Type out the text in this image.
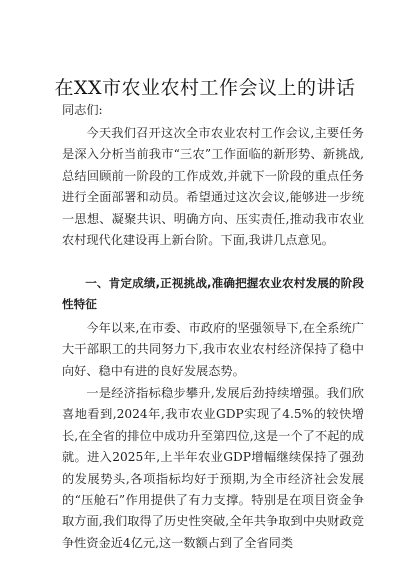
在XX市农业农村工作会议上的讲话

同志们:

今天我们召开这次全市农业农村工作会议,主要任务是深入分析当前我市“三农”工作面临的新形势、新挑战,总结回顾前一阶段的工作成效,并就下一阶段的重点任务进行全面部署和动员。希望通过这次会议,能够进一步统一思想、凝聚共识、明确方向、压实责任,推动我市农业农村现代化建设再上新台阶。下面,我讲几点意见。

一、肯定成绩,正视挑战,准确把握农业农村发展的阶段性特征

今年以来,在市委、市政府的坚强领导下,在全系统广大干部职工的共同努力下,我市农业农村经济保持了稳中向好、稳中有进的良好发展态势。

一是经济指标稳步攀升,发展后劲持续增强。我们欣喜地看到,2024年,我市农业GDP实现了4.5%的较快增长,在全省的排位中成功升至第四位,这是一个了不起的成就。进入2025年,上半年农业GDP增幅继续保持了强劲的发展势头,各项指标均好于预期,为全市经济社会发展的“压舱石”作用提供了有力支撑。特别是在项目资金争取方面,我们取得了历史性突破,全年共争取到中央财政竞争性资金近4亿元,这一数额占到了全省同类
